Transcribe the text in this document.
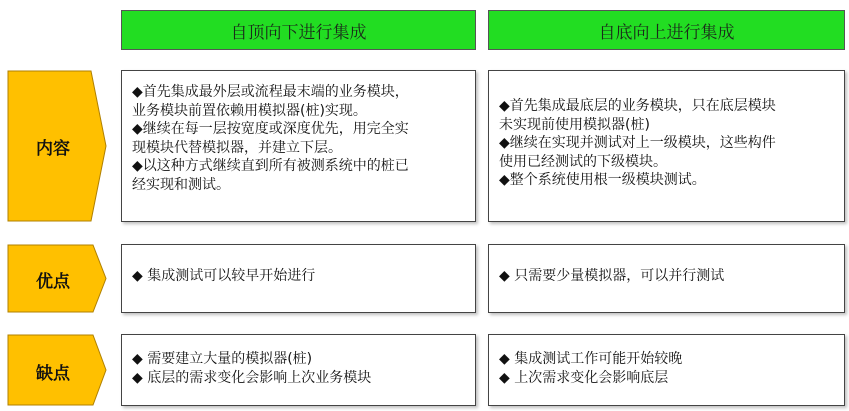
自顶向下进行集成	自底向上进行集成
内容
优点
缺点
◆首先集成最外层或流程最末端的业务模块，
业务模块前置依赖用模拟器(桩)实现。
◆继续在每一层按宽度或深度优先，用完全实
现模块代替模拟器，并建立下层。
◆以这种方式继续直到所有被测系统中的桩已
经实现和测试。
◆首先集成最底层的业务模块，只在底层模块
未实现前使用模拟器(桩)
◆继续在实现并测试对上一级模块，这些构件
使用已经测试的下级模块。
◆整个系统使用根一级模块测试。
◆ 集成测试可以较早开始进行	◆ 只需要少量模拟器，可以并行测试
◆ 需要建立大量的模拟器(桩)
◆ 底层的需求变化会影响上次业务模块
◆ 集成测试工作可能开始较晚
◆ 上次需求变化会影响底层
